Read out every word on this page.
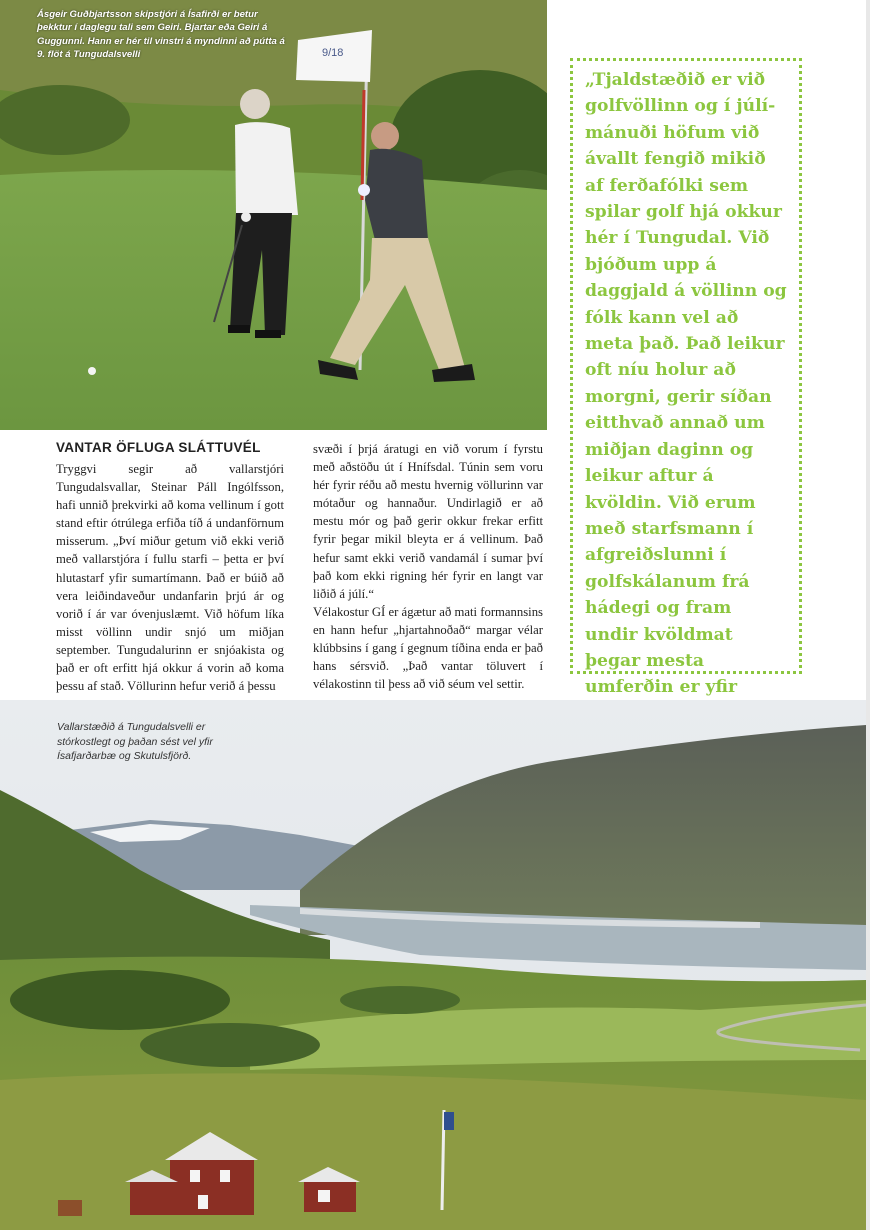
9/18
Ásgeir Guðbjartsson skipstjóri á Ísafirði er betur þekktur í daglegu tali sem Geiri. Bjartar eða Geiri á Guggunni. Hann er hér til vinstri á myndinni að pútta á 9. flöt á Tungudalsvelli

„Tjaldstæðið er við golfvöllinn og í júlí-mánuði höfum við ávallt fengið mikið af ferðafólki sem spilar golf hjá okkur hér í Tungudal. Við bjóðum upp á daggjald á völlinn og fólk kann vel að meta það. Það leikur oft níu holur að morgni, gerir síðan eitthvað annað um miðjan daginn og leikur aftur á kvöldin. Við erum með starfsmann í afgreiðslunni í golfskálanum frá hádegi og fram undir kvöldmat þegar mesta umferðin er yfir

VANTAR ÖFLUGA SLÁTTUVÉL

Tryggvi segir að vallarstjóri Tungudalsvallar, Steinar Páll Ingólfsson, hafi unnið þrekvirki að koma vellinum í gott stand eftir ótrúlega erfiða tíð á undanförnum misserum. „Því miður getum við ekki verið með vallarstjóra í fullu starfi – þetta er því hlutastarf yfir sumartímann. Það er búið að vera leiðindaveður undanfarin þrjú ár og vorið í ár var óvenjuslæmt. Við höfum líka misst völlinn undir snjó um miðjan september. Tungudalurinn er snjóakista og það er oft erfitt hjá okkur á vorin að koma þessu af stað. Völlurinn hefur verið á þessu

svæði í þrjá áratugi en við vorum í fyrstu með aðstöðu út í Hnífsdal. Túnin sem voru hér fyrir réðu að mestu hvernig völlurinn var mótaður og hannaður. Undirlagið er að mestu mór og það gerir okkur frekar erfitt fyrir þegar mikil bleyta er á vellinum. Það hefur samt ekki verið vandamál í sumar því það kom ekki rigning hér fyrir en langt var liðið á júlí.“

Vélakostur GÍ er ágætur að mati formannsins en hann hefur „hjartahnoðað“ margar vélar klúbbsins í gang í gegnum tíðina enda er það hans sérsvið. „Það vantar töluvert í vélakostinn til þess að við séum vel settir.

Vallarstæðið á Tungudalsvelli er stórkostlegt og þaðan sést vel yfir Ísafjarðarbæ og Skutulsfjörð.
